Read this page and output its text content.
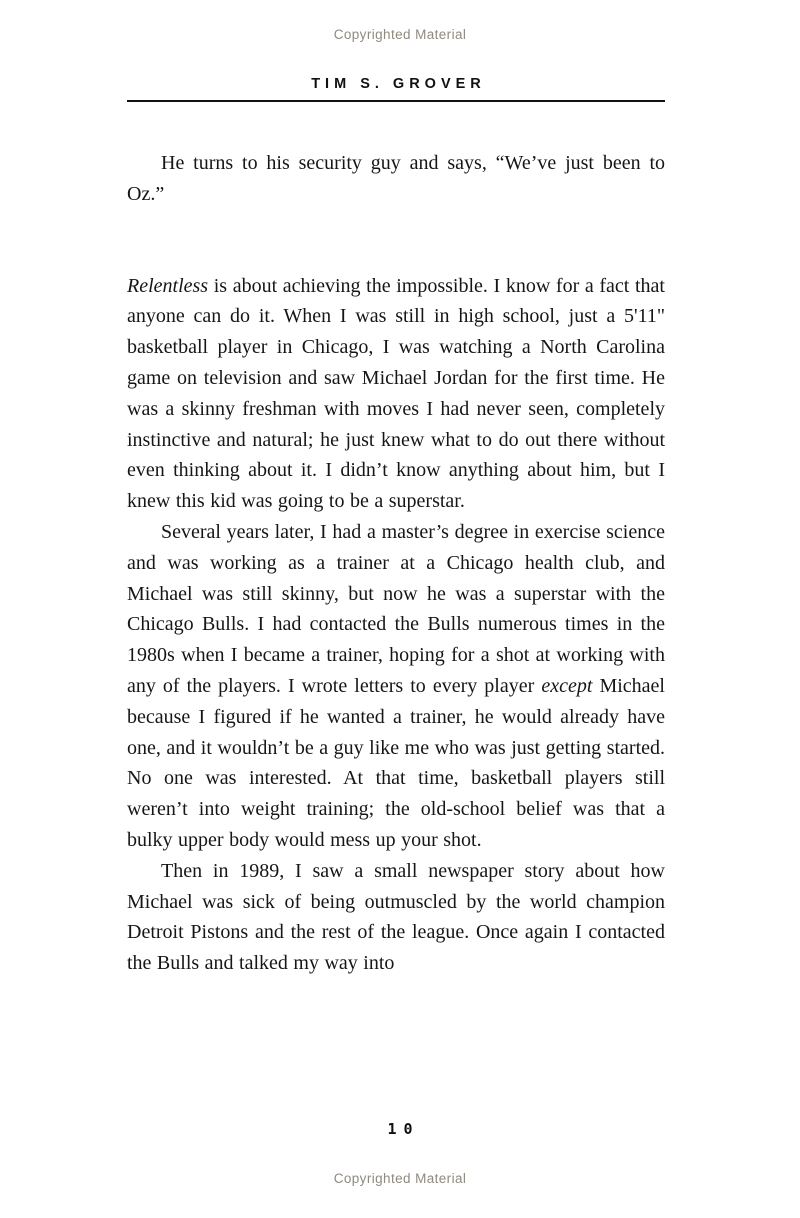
Copyrighted Material
TIM S. GROVER

He turns to his security guy and says, “We’ve just been to Oz.”

Relentless is about achieving the impossible. I know for a fact that anyone can do it. When I was still in high school, just a 5'11" basketball player in Chicago, I was watching a North Carolina game on television and saw Michael Jordan for the first time. He was a skinny freshman with moves I had never seen, completely instinctive and natural; he just knew what to do out there without even thinking about it. I didn’t know anything about him, but I knew this kid was going to be a superstar.

Several years later, I had a master’s degree in exercise science and was working as a trainer at a Chicago health club, and Michael was still skinny, but now he was a superstar with the Chicago Bulls. I had contacted the Bulls numerous times in the 1980s when I became a trainer, hoping for a shot at working with any of the players. I wrote letters to every player except Michael because I figured if he wanted a trainer, he would already have one, and it wouldn’t be a guy like me who was just getting started. No one was interested. At that time, basketball players still weren’t into weight training; the old-school belief was that a bulky upper body would mess up your shot.

Then in 1989, I saw a small newspaper story about how Michael was sick of being outmuscled by the world champion Detroit Pistons and the rest of the league. Once again I contacted the Bulls and talked my way into

10
Copyrighted Material
